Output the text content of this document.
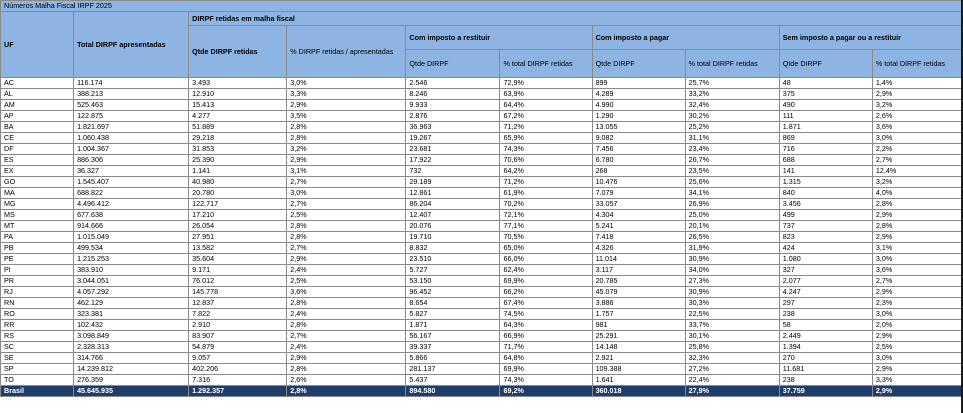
Números Malha Fiscal IRPF 2025									
UF	Total DIRPF apresentadas	DIRPF retidas em malha fiscal							
		Qtde DIRPF retidas	% DIRPF retidas / apresentadas	Com imposto a restituir		Com imposto a pagar		Sem imposto a pagar ou a restituir	
				Qtde DIRPF	% total DIRPF retidas	Qtde DIRPF	% total DIRPF retidas	Qtde DIRPF	% total DIRPF retidas
AC	116.174	3.493	3,0%	2.546	72,9%	899	25,7%	48	1,4%
AL	388.213	12.910	3,3%	8.246	63,9%	4.289	33,2%	375	2,9%
AM	525.463	15.413	2,9%	9.933	64,4%	4.990	32,4%	490	3,2%
AP	122.875	4.277	3,5%	2.876	67,2%	1.290	30,2%	111	2,6%
BA	1.821.697	51.889	2,8%	36.963	71,2%	13.055	25,2%	1.871	3,6%
CE	1.060.438	29.218	2,8%	19.267	65,9%	9.082	31,1%	869	3,0%
DF	1.004.367	31.853	3,2%	23.681	74,3%	7.456	23,4%	716	2,2%
ES	886.306	25.390	2,9%	17.922	70,6%	6.780	26,7%	688	2,7%
EX	36.327	1.141	3,1%	732	64,2%	268	23,5%	141	12,4%
GO	1.545.407	40.980	2,7%	29.189	71,2%	10.476	25,6%	1.315	3,2%
MA	688.822	20.780	3,0%	12.861	61,9%	7.079	34,1%	840	4,0%
MG	4.496.412	122.717	2,7%	86.204	70,2%	33.057	26,9%	3.456	2,8%
MS	677.638	17.210	2,5%	12.407	72,1%	4.304	25,0%	499	2,9%
MT	914.666	26.054	2,8%	20.076	77,1%	5.241	20,1%	737	2,8%
PA	1.015.049	27.951	2,8%	19.710	70,5%	7.418	26,5%	823	2,9%
PB	499.534	13.582	2,7%	8.832	65,0%	4.326	31,9%	424	3,1%
PE	1.215.253	35.604	2,9%	23.510	66,0%	11.014	30,9%	1.080	3,0%
PI	383.910	9.171	2,4%	5.727	62,4%	3.117	34,0%	327	3,6%
PR	3.044.051	76.012	2,5%	53.150	69,9%	20.785	27,3%	2.077	2,7%
RJ	4.057.292	145.778	3,6%	96.452	66,2%	45.079	30,9%	4.247	2,9%
RN	462.129	12.837	2,8%	8.654	67,4%	3.886	30,3%	297	2,3%
RO	323.381	7.822	2,4%	5.827	74,5%	1.757	22,5%	238	3,0%
RR	102.432	2.910	2,8%	1.871	64,3%	981	33,7%	58	2,0%
RS	3.098.849	83.907	2,7%	56.167	66,9%	25.291	30,1%	2.449	2,9%
SC	2.328.313	54.879	2,4%	39.337	71,7%	14.148	25,8%	1.394	2,5%
SE	314.766	9.057	2,9%	5.866	64,8%	2.921	32,3%	270	3,0%
SP	14.239.812	402.206	2,8%	281.137	69,9%	109.388	27,2%	11.681	2,9%
TO	276.359	7.316	2,6%	5.437	74,3%	1.641	22,4%	238	3,3%
Brasil	45.645.935	1.292.357	2,8%	894.580	69,2%	360.018	27,9%	37.759	2,9%
